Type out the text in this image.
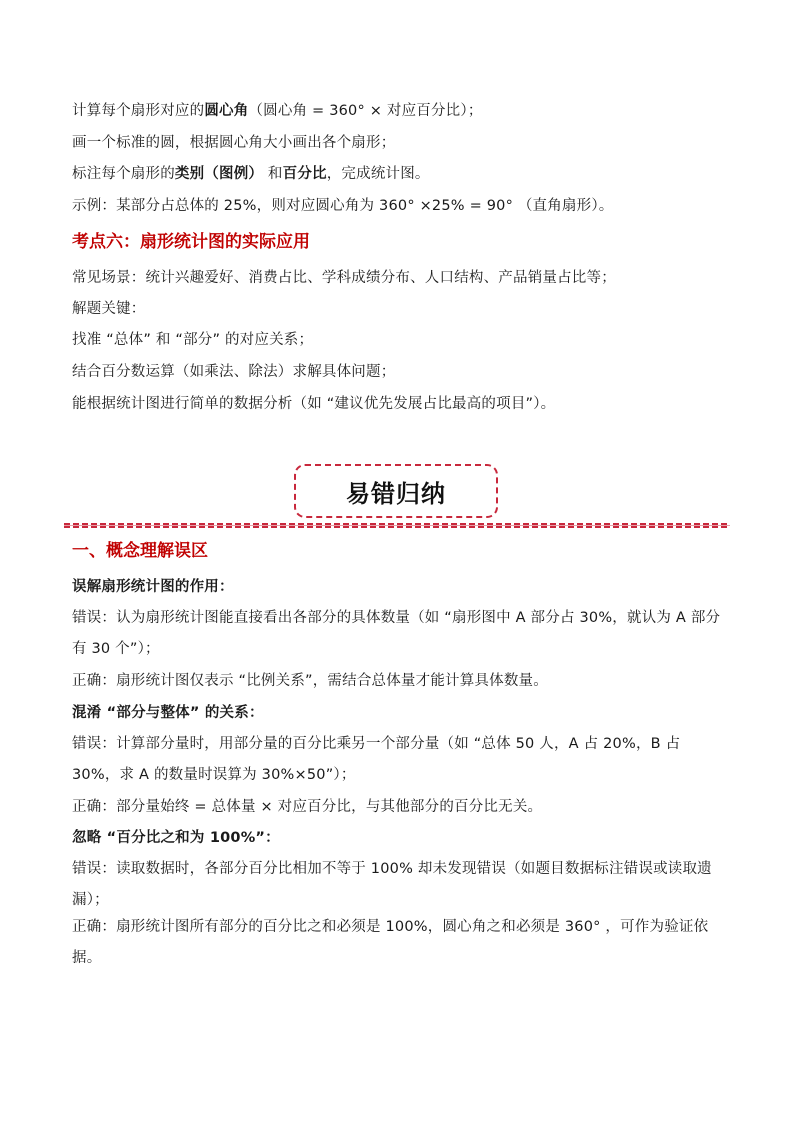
计算每个扇形对应的圆心角（圆心角 = 360° × 对应百分比）；
画一个标准的圆，根据圆心角大小画出各个扇形；
标注每个扇形的类别（图例） 和百分比，完成统计图。
示例：某部分占总体的 25%，则对应圆心角为 360° ×25% = 90° （直角扇形）。
考点六：扇形统计图的实际应用
常见场景：统计兴趣爱好、消费占比、学科成绩分布、人口结构、产品销量占比等；
解题关键：
找准 “总体” 和 “部分” 的对应关系；
结合百分数运算（如乘法、除法）求解具体问题；
能根据统计图进行简单的数据分析（如 “建议优先发展占比最高的项目”）。
易错归纳
一、概念理解误区
误解扇形统计图的作用：
错误：认为扇形统计图能直接看出各部分的具体数量（如 “扇形图中 A 部分占 30%，就认为 A 部分有 30 个”）；
正确：扇形统计图仅表示 “比例关系”，需结合总体量才能计算具体数量。
混淆 “部分与整体” 的关系：
错误：计算部分量时，用部分量的百分比乘另一个部分量（如 “总体 50 人，A 占 20%，B 占 30%，求 A 的数量时误算为 30%×50”）；
正确：部分量始终 = 总体量 × 对应百分比，与其他部分的百分比无关。
忽略 “百分比之和为 100%”：
错误：读取数据时，各部分百分比相加不等于 100% 却未发现错误（如题目数据标注错误或读取遗漏）；
正确：扇形统计图所有部分的百分比之和必须是 100%，圆心角之和必须是 360° ，可作为验证依据。
